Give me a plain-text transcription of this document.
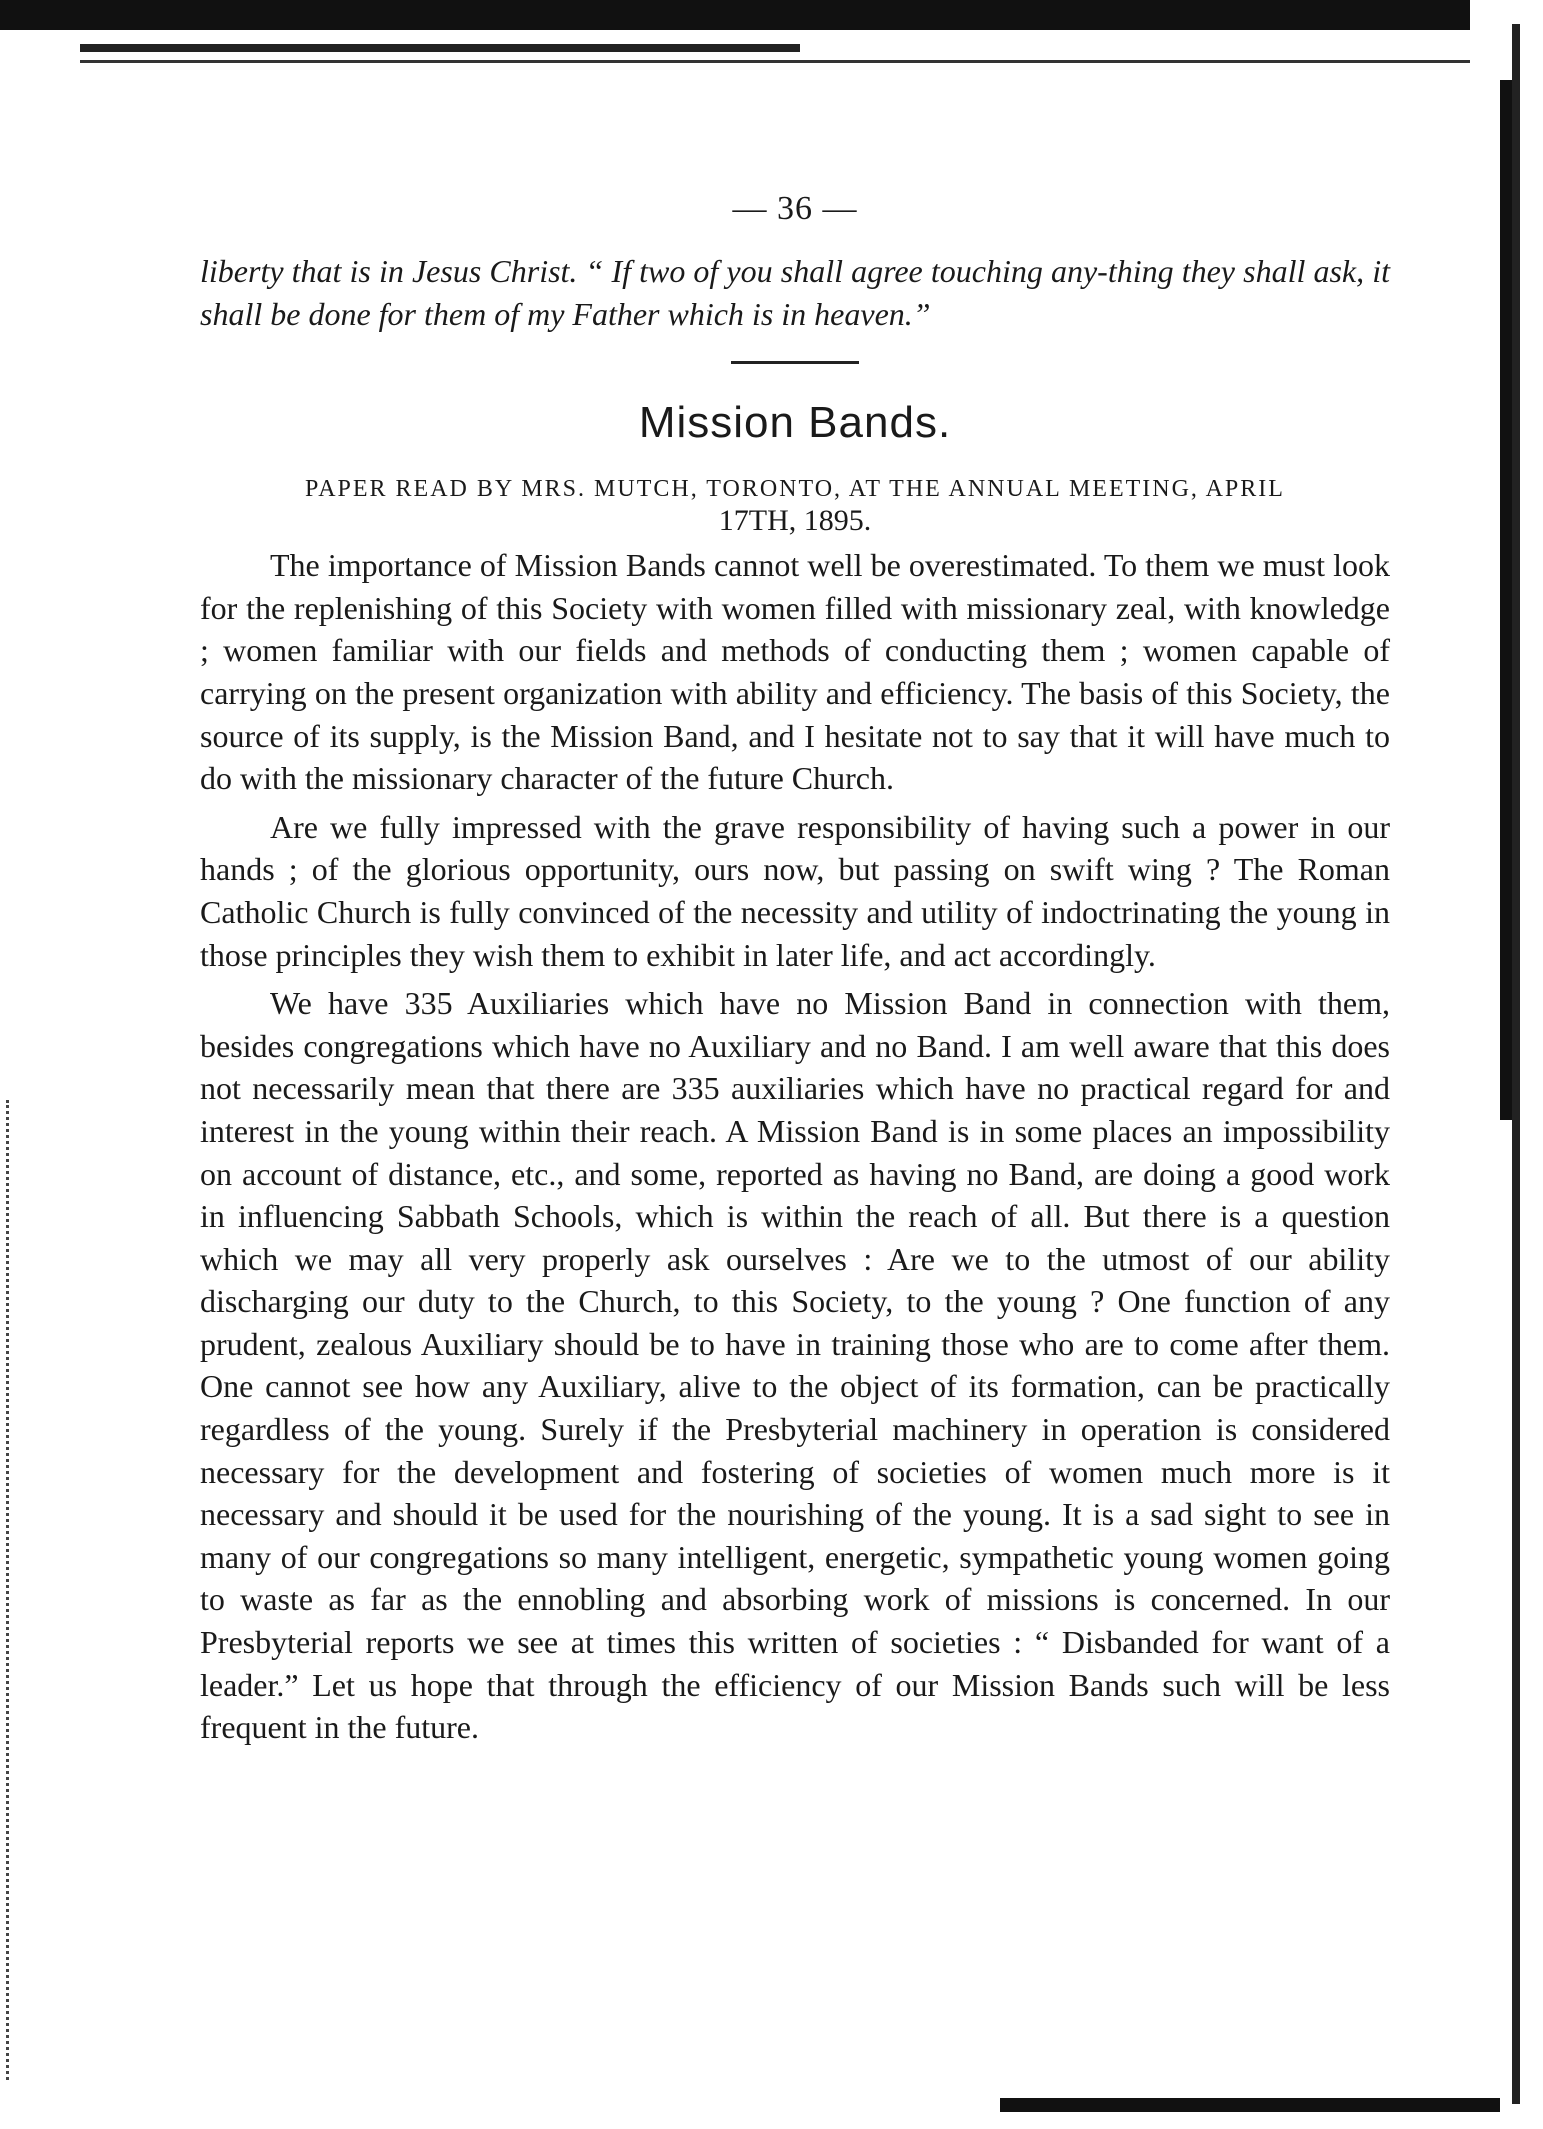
— 36 —

liberty that is in Jesus Christ. “ If two of you shall agree touching any-thing they shall ask, it shall be done for them of my Father which is in heaven.”

Mission Bands.
PAPER READ BY MRS. MUTCH, TORONTO, AT THE ANNUAL MEETING, APRIL
17TH, 1895.

The importance of Mission Bands cannot well be overestimated. To them we must look for the replenishing of this Society with women filled with missionary zeal, with knowledge ; women familiar with our fields and methods of conducting them ; women capable of carrying on the present organization with ability and efficiency. The basis of this Society, the source of its supply, is the Mission Band, and I hesitate not to say that it will have much to do with the missionary character of the future Church.

Are we fully impressed with the grave responsibility of having such a power in our hands ; of the glorious opportunity, ours now, but passing on swift wing ? The Roman Catholic Church is fully convinced of the necessity and utility of indoctrinating the young in those principles they wish them to exhibit in later life, and act accordingly.

We have 335 Auxiliaries which have no Mission Band in connection with them, besides congregations which have no Auxiliary and no Band. I am well aware that this does not necessarily mean that there are 335 auxiliaries which have no practical regard for and interest in the young within their reach. A Mission Band is in some places an impossibility on account of distance, etc., and some, reported as having no Band, are doing a good work in influencing Sabbath Schools, which is within the reach of all. But there is a question which we may all very properly ask ourselves : Are we to the utmost of our ability discharging our duty to the Church, to this Society, to the young ? One function of any prudent, zealous Auxiliary should be to have in training those who are to come after them. One cannot see how any Auxiliary, alive to the object of its formation, can be practically regardless of the young. Surely if the Presbyterial machinery in operation is considered necessary for the development and fostering of societies of women much more is it necessary and should it be used for the nourishing of the young. It is a sad sight to see in many of our congregations so many intelligent, energetic, sympathetic young women going to waste as far as the ennobling and absorbing work of missions is concerned. In our Presbyterial reports we see at times this written of societies : “ Disbanded for want of a leader.” Let us hope that through the efficiency of our Mission Bands such will be less frequent in the future.
